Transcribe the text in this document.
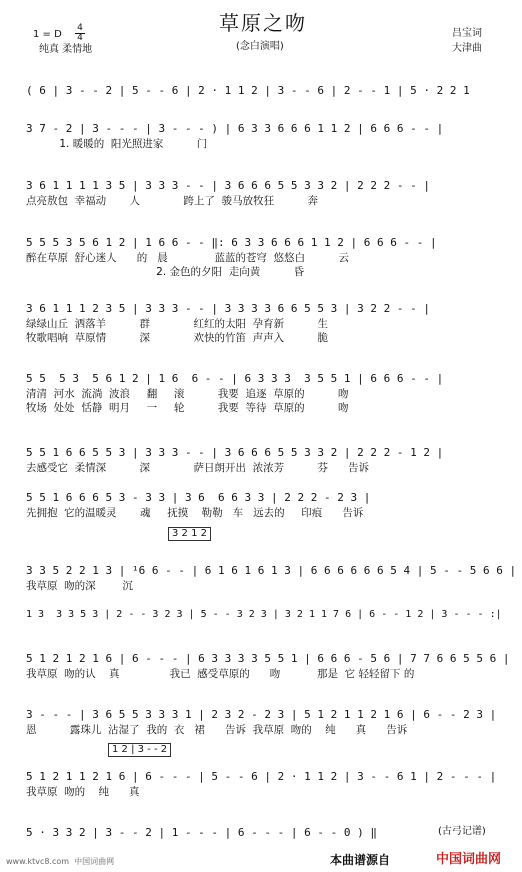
草原之吻
(念白演唱)
1 = D $\frac{4}{4}$
纯真 柔情地
吕宝词
大津曲
( 6 | 3 - - 2 | 5 - - 6 | 2 · 1 1 2 | 3 - - 6 | 2 - - 1 | 5 · 2 2 1
3 7 - 2 | 3 - - - | 3 - - - ) | 6 3 3 6 6 6 1 1 2 | 6 6 6 - - |
1. 暖暖的  阳光照进家          门
3 6 1 1 1 1 3 5 | 3 3 3 - - | 3 6 6 6 5 5 3 3 2 | 2 2 2 - - |
点亮敖包  幸福动       人             跨上了  骏马放牧狂          奔
5 5 5 3 5 6 1 2 | 1 6 6 - - ‖: 6 3 3 6 6 6 1 1 2 | 6 6 6 - - |
醉在草原  舒心迷人      的   晨              蓝蓝的苍穹  悠悠白          云
2. 金色的夕阳  走向黄          昏
3 6 1 1 1 2 3 5 | 3 3 3 - - | 3 3 3 3 6 6 5 5 3 | 3 2 2 - - |
绿绿山丘  洒落羊          群             红红的太阳  孕育新          生
牧歌唱响  草原情          深             欢快的竹笛  声声入          脆
5 5  5 3  5 6 1 2 | 1 6  6 - - | 6 3 3 3  3 5 5 1 | 6 6 6 - - |
清清  河水  流淌  波浪     翻     滚          我要  追逐  草原的          吻
牧场  处处  恬静  明月     一     轮          我要  等待  草原的          吻
5 5 1 6 6 5 5 3 | 3 3 3 - - | 3 6 6 6 5 5 3 3 2 | 2 2 2 - 1 2 |
去感受它  柔情深          深             萨日朗开出  浓浓芳          芬      告诉
5 5 1 6 6 6 5 3 - 3 3 | 3 6  6 6 3 3 | 2 2 2 - 2 3 |
先拥抱  它的温暖灵       魂     抚摸    勒勒   车   远去的     印痕      告诉
3 3 5 2 2 1 3 | ¹6 6 - - | 6 1 6 1 6 1 3 | 6 6 6 6 6 6 5 4 | 5 - - 5 6 6 |
我草原  吻的深        沉
1 3  3 3 5 3 | 2 - - 3 2 3 | 5 - - 3 2 3 | 3 2 1 1 7 6 | 6 - - 1 2 | 3 - - - :|
5 1 2 1 2 1 6 | 6 - - - | 6 3 3 3 3 5 5 1 | 6 6 6 - 5 6 | 7 7 6 6 5 5 6 |
我草原  吻的认    真               我已  感受草原的      吻           那是  它 轻轻留下 的
3 - - - | 3 6 5 5 3 3 3 1 | 2 3 2 - 2 3 | 5 1 2 1 1 2 1 6 | 6 - - 2 3 |
恩          露珠儿  沾湿了  我的  衣   裙      告诉  我草原  吻的    纯      真      告诉
5 1 2 1 1 2 1 6 | 6 - - - | 5 - - 6 | 2 · 1 1 2 | 3 - - 6 1 | 2 - - - |
我草原  吻的    纯      真
5 · 3 3 2 | 3 - - 2 | 1 - - - | 6 - - - | 6 - - 0 ) ‖
3 2 1 2
1 2 | 3 - - 2
(古弓记谱)
www.ktvc8.com  中国词曲网	本曲谱源自	中国词曲网
